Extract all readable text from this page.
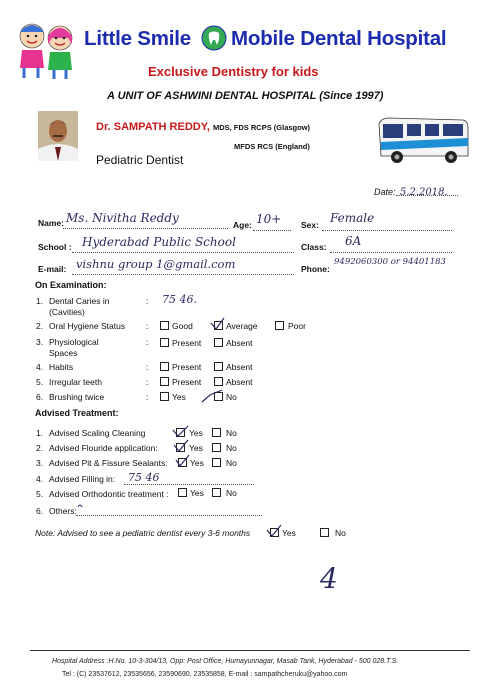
Little Smile Mobile Dental Hospital
Exclusive Dentistry for kids
A UNIT OF ASHWINI DENTAL HOSPITAL (Since 1997)
Dr. SAMPATH REDDY, MDS, FDS RCPS (Glasgow)
MFDS RCS (England)
Pediatric Dentist
Date: 5.2.2018.
Name: Ms. Nivitha Reddy	Age: 10+ Sex: Female
School : Hyderabad Public School	Class: 6A
E-mail: vishnu group 1@gmail.com	Phone:
9492060300 or 94401183
On Examination:
1. Dental Caries in
(Cavities)
: 75 46.
2. Oral Hygiene Status :	Good	Average	Poor
3. Physiological
Spaces
:	Present	Absent
4. Habits	:	Present	Absent
5. Irregular teeth	:	Present	Absent
6. Brushing twice	:	Yes	No
Advised Treatment:
1. Advised Scaling Cleaning	Yes	No
2. Advised Flouride application:	Yes	No
3. Advised Pit & Fissure Sealants:	Yes	No
4. Advised Filling in: 75 46
5. Advised Orthodontic treatment :	Yes	No
6. Others:
Note: Advised to see a pediatric dentist every 3-6 months	Yes	No
4
Hospital Address :H.No. 10-3-304/13, Opp: Post Office, Humayunnagar, Masab Tank, Hyderabad - 500 028.T.S.
Tel : (C) 23537612, 23535656, 23590690, 23535858, E-mail : sampathcheruku@yahoo.com
